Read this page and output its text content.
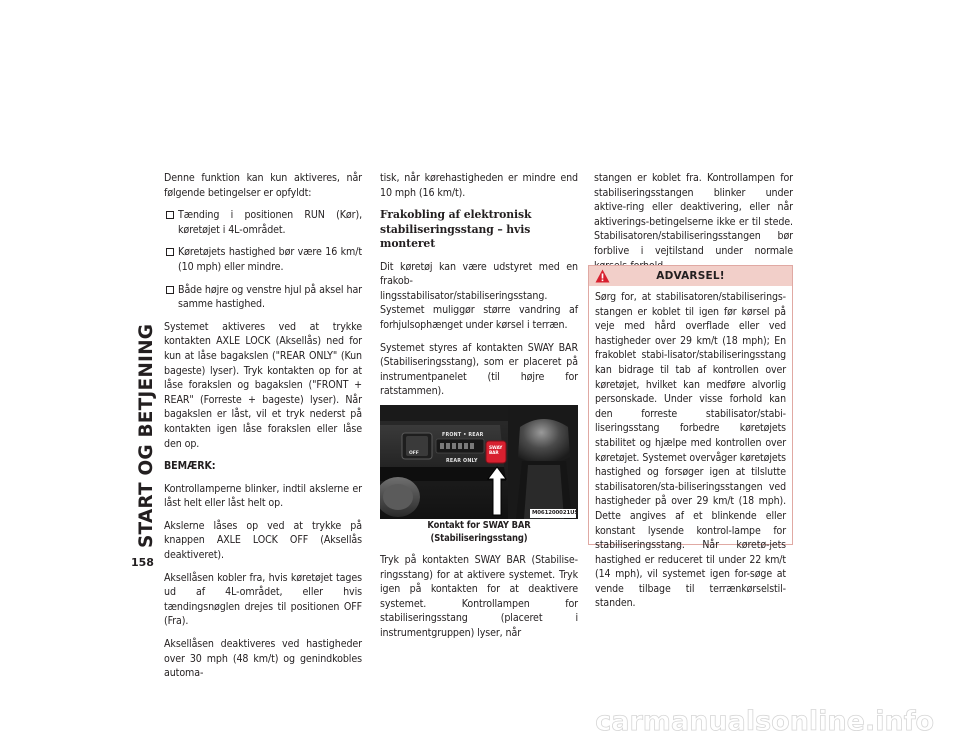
START OG BETJENING
158

Denne funktion kan kun aktiveres, når følgende betingelser er opfyldt:

Tænding i positionen RUN (Kør), køretøjet i 4L-området.
Køretøjets hastighed bør være 16 km/t (10 mph) eller mindre.
Både højre og venstre hjul på aksel har samme hastighed.

Systemet aktiveres ved at trykke kontakten AXLE LOCK (Aksellås) ned for kun at låse bagakslen ("REAR ONLY" (Kun bageste) lyser). Tryk kontakten op for at låse forakslen og bagakslen ("FRONT + REAR" (Forreste + bageste) lyser). Når bagakslen er låst, vil et tryk nederst på kontakten igen låse forakslen eller låse den op.

BEMÆRK:

Kontrollamperne blinker, indtil akslerne er låst helt eller låst helt op.

Akslerne låses op ved at trykke på knappen AXLE LOCK OFF (Aksellås deaktiveret).

Aksellåsen kobler fra, hvis køretøjet tages ud af 4L-området, eller hvis tændingsnøglen drejes til positionen OFF (Fra).

Aksellåsen deaktiveres ved hastigheder over 30 mph (48 km/t) og genindkobles automa-

tisk, når kørehastigheden er mindre end 10 mph (16 km/t).

Frakobling af elektronisk
stabiliseringsstang – hvis monteret

Dit køretøj kan være udstyret med en frakob-lingsstabilisator/stabiliseringsstang.

Systemet muliggør større vandring af forhjulsophænget under kørsel i terræn.

Systemet styres af kontakten SWAY BAR (Stabiliseringsstang), som er placeret på instrumentpanelet (til højre for ratstammen).

FRONT • REAR
REAR ONLY
OFF
SWAY
BAR
M061200021US

Kontakt for SWAY BAR (Stabiliseringsstang)

Tryk på kontakten SWAY BAR (Stabilise-ringsstang) for at aktivere systemet. Tryk igen på kontakten for at deaktivere systemet. Kontrollampen for stabiliseringsstang (placeret i instrumentgruppen) lyser, når

stangen er koblet fra. Kontrollampen for stabiliseringsstangen blinker under aktive-ring eller deaktivering, eller når aktiverings-betingelserne ikke er til stede. Stabilisatoren/stabiliseringsstangen bør forblive i vejtilstand under normale

ADVARSEL!
Sørg for, at stabilisatoren/stabiliserings-stangen er koblet til igen før kørsel på veje med hård overflade eller ved hastigheder over 29 km/t (18 mph); En frakoblet stabi-lisator/stabiliseringsstang kan bidrage til tab af kontrollen over køretøjet, hvilket kan medføre alvorlig personskade. Under visse forhold kan den forreste stabilisator/stabi-liseringsstang forbedre køretøjets stabilitet og hjælpe med kontrollen over køretøjet. Systemet overvåger køretøjets hastighed og forsøger igen at tilslutte stabilisatoren/sta-biliseringsstangen ved hastigheder på over 29 km/t (18 mph). Dette angives af et blinkende eller konstant lysende kontrol-lampe for stabiliseringsstang. Når køretø-jets hastighed er reduceret til under 22 km/t (14 mph), vil systemet igen for-søge at vende tilbage til terrænkørselstil-standen.
carmanualsonline.info
